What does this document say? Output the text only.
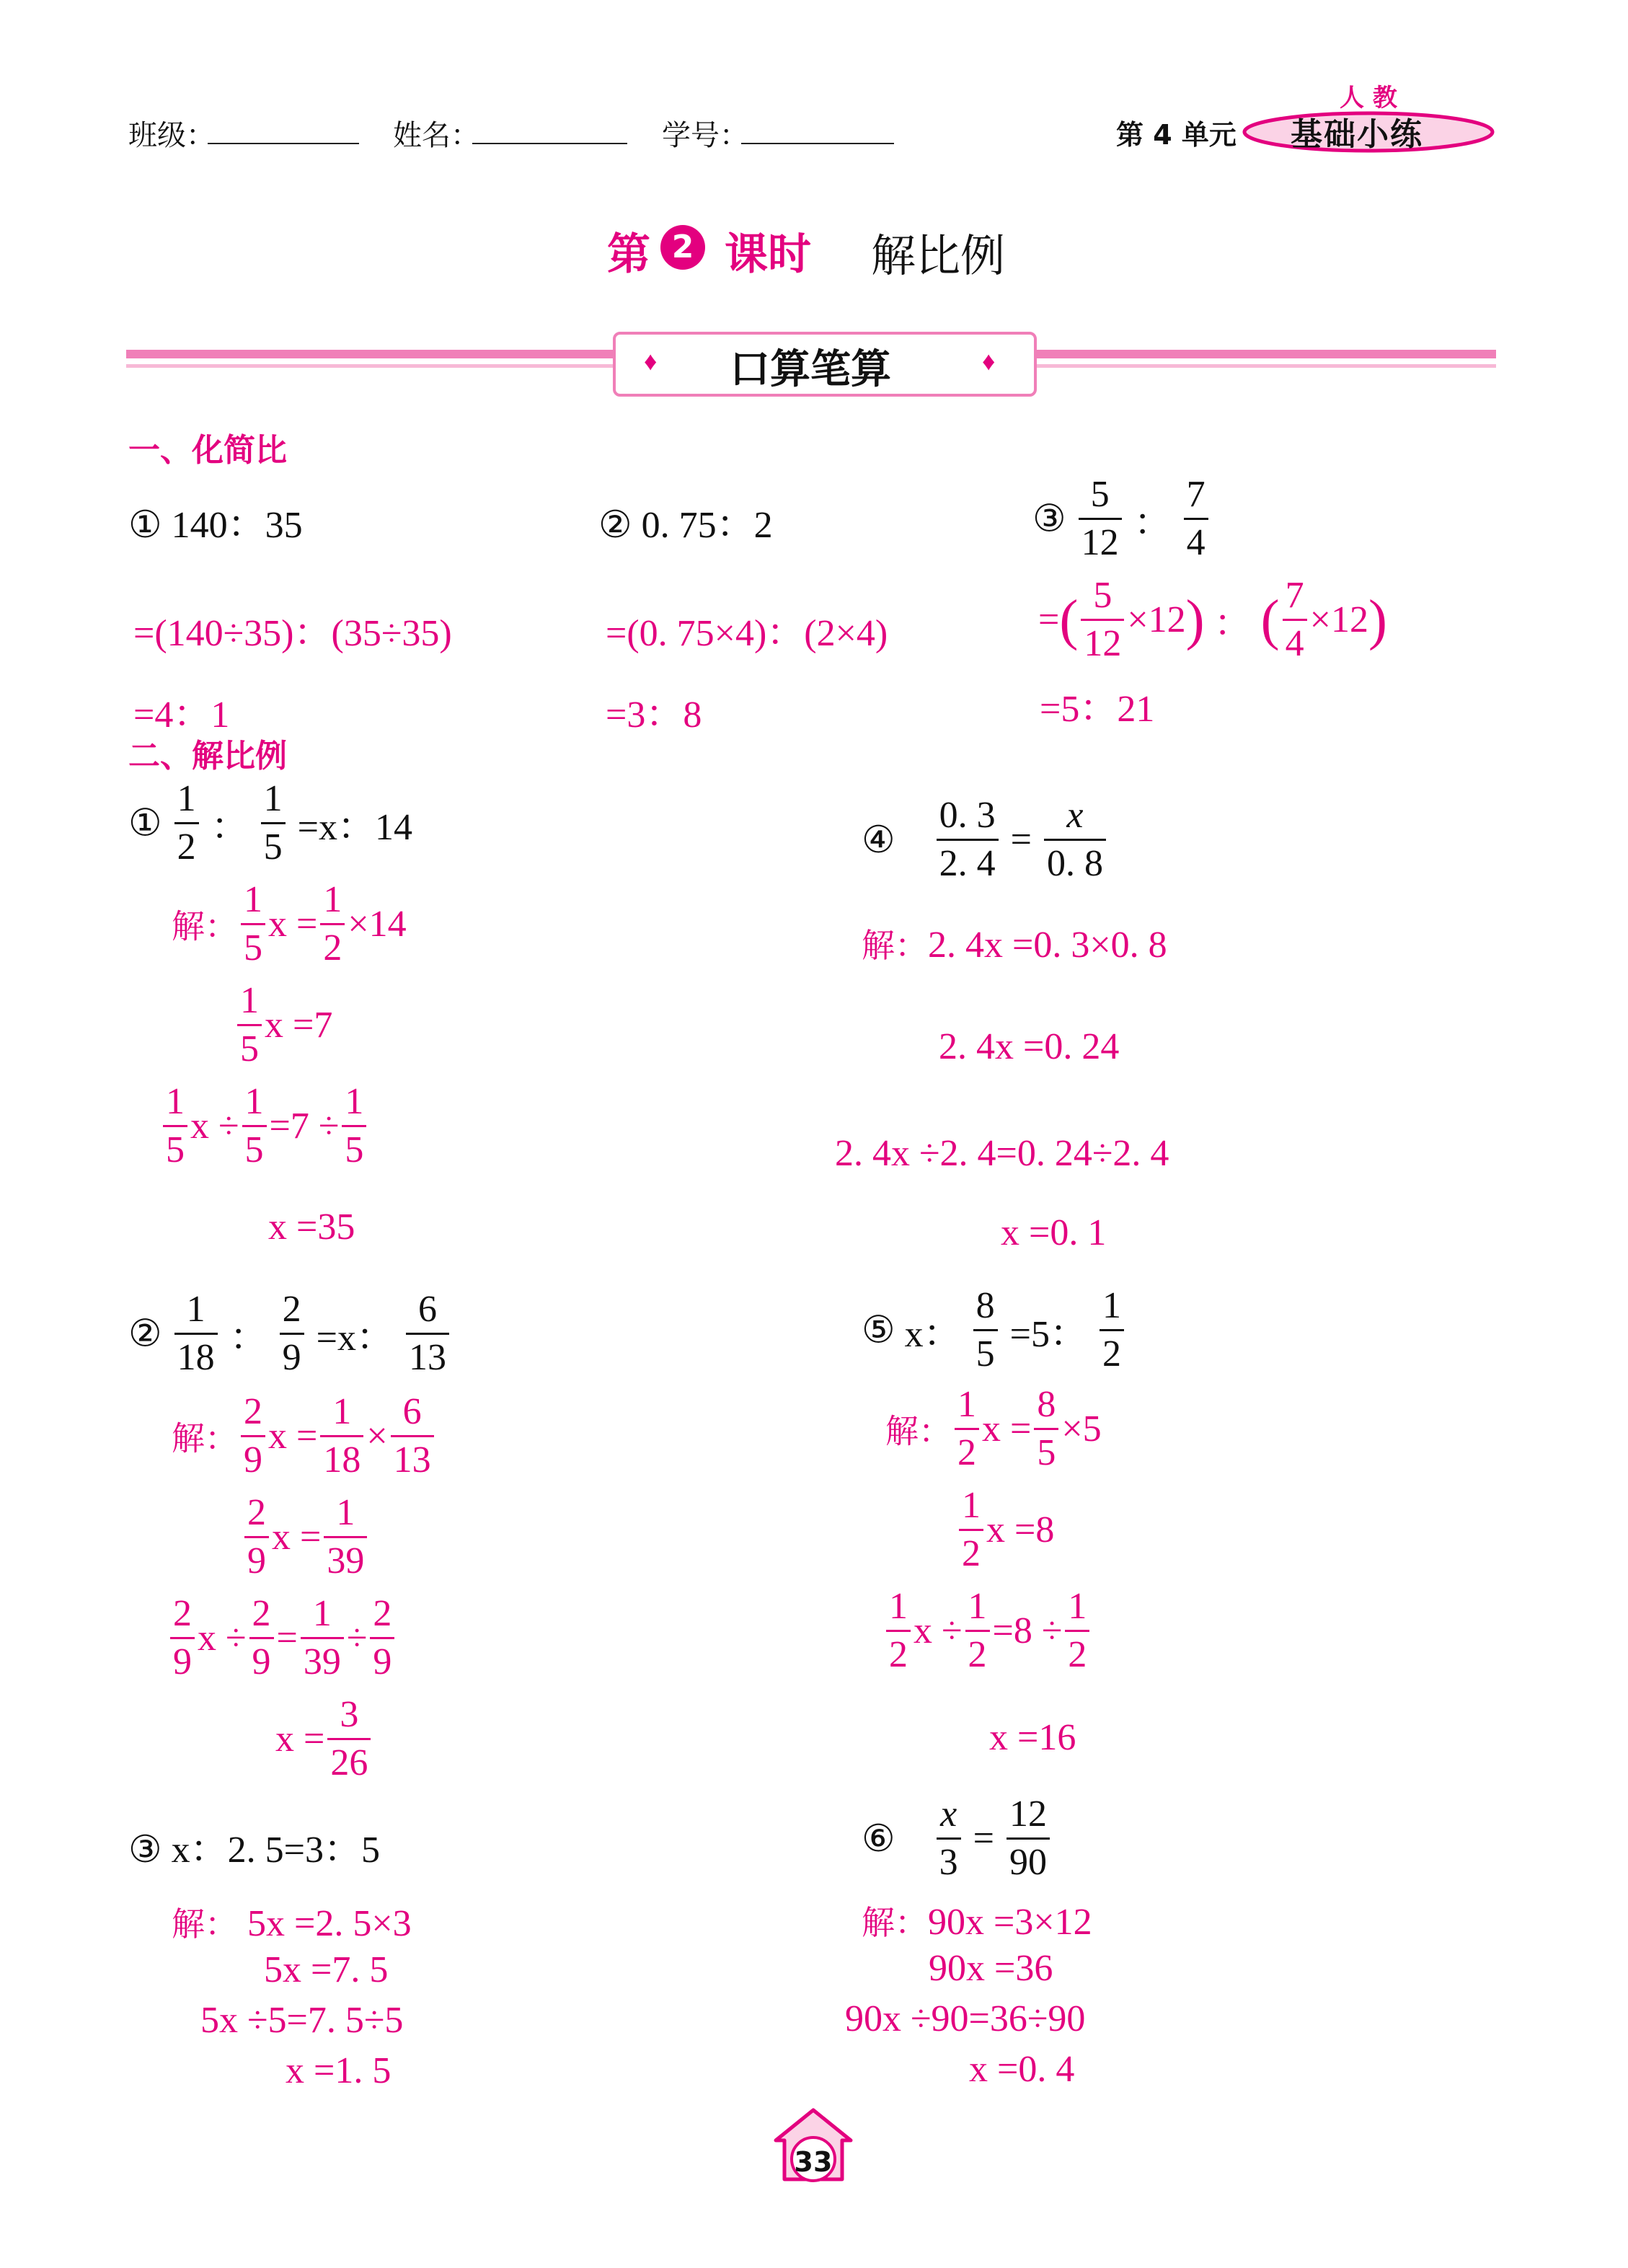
班级：	姓名：	学号：	第 4 单元
人 教
基础小练
第 2 课时 解比例
♦	♦
口算笔算
一、化简比
① 140：35
=(140÷35)：(35÷35)
=4：1
② 0. 75：2
=(0. 75×4)：(2×4)
=3：8
③ $\frac{5}{12}$ ： $\frac{7}{4}$
=( $\frac{5}{12} \times 12$) ： ( $\frac{7}{4} \times 12$)
=5：21
二、解比例
① $\frac{1}{2}$ ： $\frac{1}{5} =x$：14
解： $\frac{1}{5}$ $x = \frac{1}{2} \times 14$
$\frac{1}{5}$ x =7
$\frac{1}{5}$ $x \div \frac{1}{5} =7 \div \frac{1}{5}$
x =35
② $\frac{1}{18}$ ： $\frac{2}{9} =x$： $\frac{6}{13}$
解： $\frac{2}{9}$ $x = \frac{1}{18} \times \frac{6}{13}$
$\frac{2}{9}$ $x = \frac{1}{39}$
$\frac{2}{9}$ $x \div \frac{2}{9} = \frac{1}{39} \div \frac{2}{9}$
$x = \frac{3}{26}$
③ x：2. 5=3：5
解： 5x =2. 5×3
5x =7. 5
5x ÷5=7. 5÷5
x =1. 5
④ $\frac{0. 3}{2. 4} = \frac{x}{0. 8}$
解：2. 4x =0. 3×0. 8
2. 4x =0. 24
2. 4x ÷2. 4=0. 24÷2. 4
x =0. 1
⑤ x： $\frac{8}{5} =5$： $\frac{1}{2}$
解： $\frac{1}{2}$ $x = \frac{8}{5} \times 5$
$\frac{1}{2}$ x =8
$\frac{1}{2}$ $x \div \frac{1}{2} =8 \div \frac{1}{2}$
x =16
⑥ $\frac{x}{3} = \frac{12}{90}$
解：90x =3×12
90x =36
90x ÷90=36÷90
x =0. 4
33
